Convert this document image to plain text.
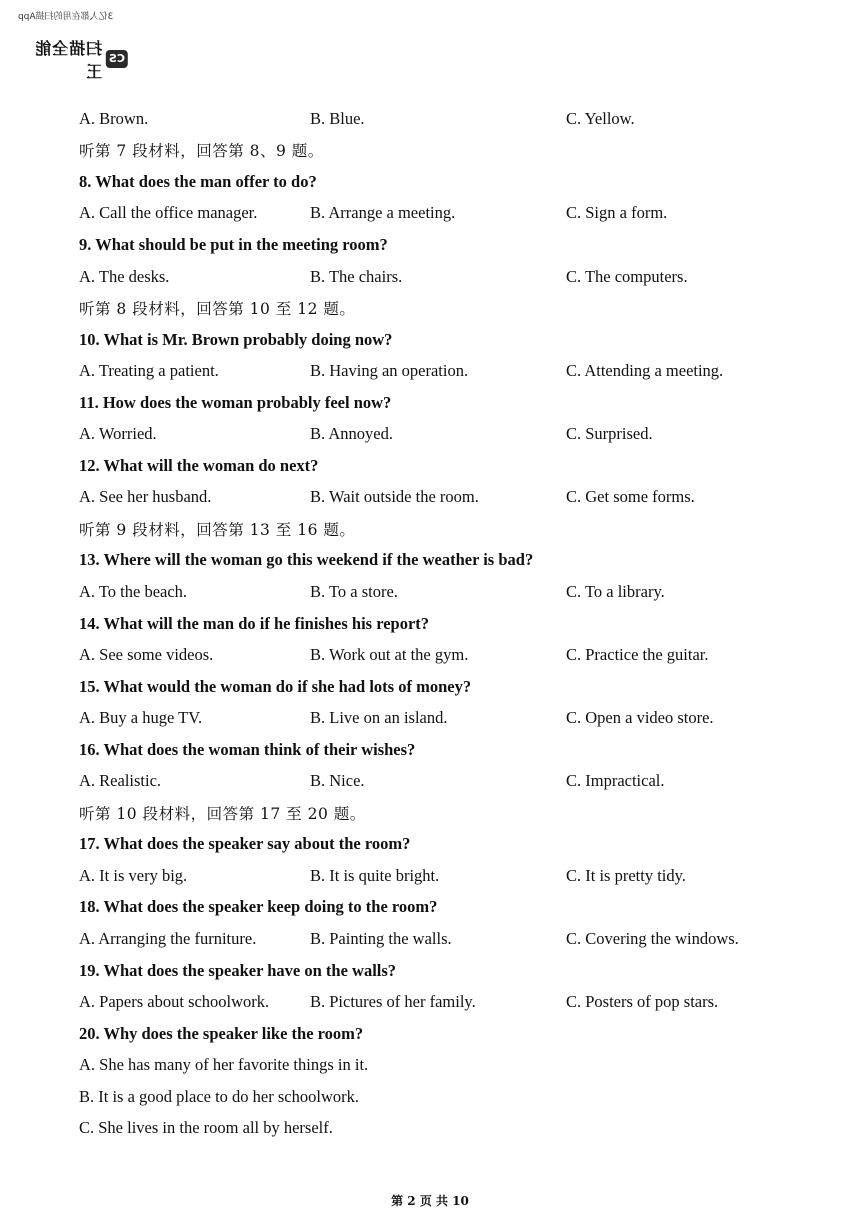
3亿人都在用的扫描App
扫描全能王
CS
A. Brown.	B. Blue.	C. Yellow.
听第 7 段材料，回答第 8、9 题。
8. What does the man offer to do?
A. Call the office manager.	B. Arrange a meeting.	C. Sign a form.
9. What should be put in the meeting room?
A. The desks.	B. The chairs.	C. The computers.
听第 8 段材料，回答第 10 至 12 题。
10. What is Mr. Brown probably doing now?
A. Treating a patient.	B. Having an operation.	C. Attending a meeting.
11. How does the woman probably feel now?
A. Worried.	B. Annoyed.	C. Surprised.
12. What will the woman do next?
A. See her husband.	B. Wait outside the room.	C. Get some forms.
听第 9 段材料，回答第 13 至 16 题。
13. Where will the woman go this weekend if the weather is bad?
A. To the beach.	B. To a store.	C. To a library.
14. What will the man do if he finishes his report?
A. See some videos.	B. Work out at the gym.	C. Practice the guitar.
15. What would the woman do if she had lots of money?
A. Buy a huge TV.	B. Live on an island.	C. Open a video store.
16. What does the woman think of their wishes?
A. Realistic.	B. Nice.	C. Impractical.
听第 10 段材料，回答第 17 至 20 题。
17. What does the speaker say about the room?
A. It is very big.	B. It is quite bright.	C. It is pretty tidy.
18. What does the speaker keep doing to the room?
A. Arranging the furniture.	B. Painting the walls.	C. Covering the windows.
19. What does the speaker have on the walls?
A. Papers about schoolwork. B. Pictures of her family.	C. Posters of pop stars.
20. Why does the speaker like the room?
A. She has many of her favorite things in it.
B. It is a good place to do her schoolwork.
C. She lives in the room all by herself.
第 2 页 共 10
